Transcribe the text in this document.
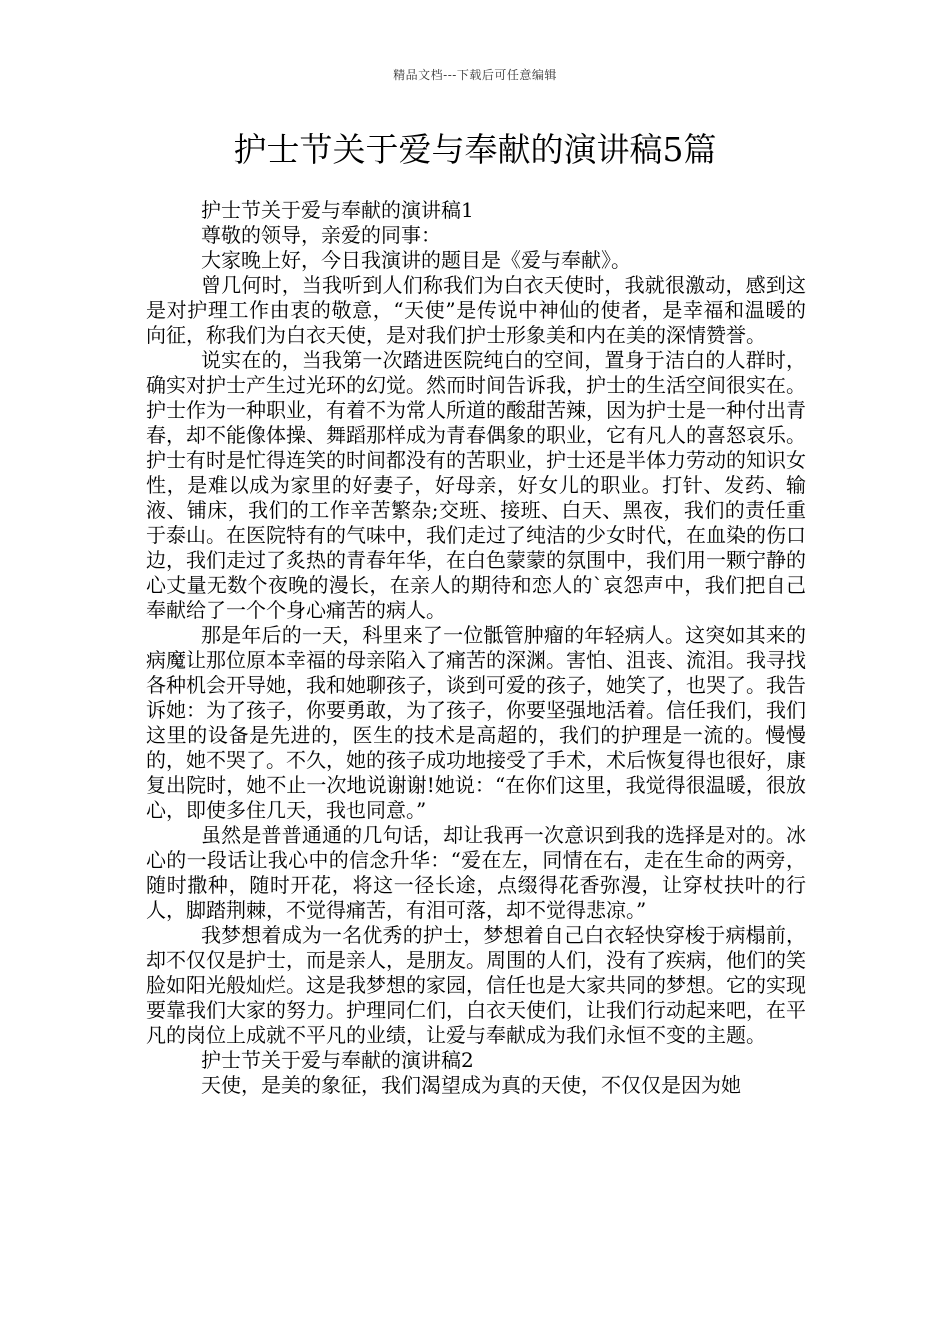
精品文档---下载后可任意编辑
护士节关于爱与奉献的演讲稿5篇

护士节关于爱与奉献的演讲稿1

尊敬的领导，亲爱的同事：

大家晚上好，今日我演讲的题目是《爱与奉献》。

曾几何时，当我听到人们称我们为白衣天使时，我就很激动，感到这是对护理工作由衷的敬意，“天使”是传说中神仙的使者，是幸福和温暖的向征，称我们为白衣天使，是对我们护士形象美和内在美的深情赞誉。

说实在的，当我第一次踏进医院纯白的空间，置身于洁白的人群时，确实对护士产生过光环的幻觉。然而时间告诉我，护士的生活空间很实在。护士作为一种职业，有着不为常人所道的酸甜苦辣，因为护士是一种付出青春，却不能像体操、舞蹈那样成为青春偶象的职业，它有凡人的喜怒哀乐。护士有时是忙得连笑的时间都没有的苦职业，护士还是半体力劳动的知识女性，是难以成为家里的好妻子，好母亲，好女儿的职业。打针、发药、输液、铺床，我们的工作辛苦繁杂;交班、接班、白天、黑夜，我们的责任重于泰山。在医院特有的气味中，我们走过了纯洁的少女时代，在血染的伤口边，我们走过了炙热的青春年华，在白色蒙蒙的氛围中，我们用一颗宁静的心丈量无数个夜晚的漫长，在亲人的期待和恋人的`哀怨声中，我们把自己奉献给了一个个身心痛苦的病人。

那是年后的一天，科里来了一位骶管肿瘤的年轻病人。这突如其来的病魔让那位原本幸福的母亲陷入了痛苦的深渊。害怕、沮丧、流泪。我寻找各种机会开导她，我和她聊孩子，谈到可爱的孩子，她笑了，也哭了。我告诉她：为了孩子，你要勇敢，为了孩子，你要坚强地活着。信任我们，我们这里的设备是先进的，医生的技术是高超的，我们的护理是一流的。慢慢的，她不哭了。不久，她的孩子成功地接受了手术，术后恢复得也很好，康复出院时，她不止一次地说谢谢!她说：“在你们这里，我觉得很温暖，很放心，即使多住几天，我也同意。”

虽然是普普通通的几句话，却让我再一次意识到我的选择是对的。冰心的一段话让我心中的信念升华：“爱在左，同情在右，走在生命的两旁，随时撒种，随时开花，将这一径长途，点缀得花香弥漫，让穿杖扶叶的行人，脚踏荆棘，不觉得痛苦，有泪可落，却不觉得悲凉。”

我梦想着成为一名优秀的护士，梦想着自己白衣轻快穿梭于病榻前，却不仅仅是护士，而是亲人，是朋友。周围的人们，没有了疾病，他们的笑脸如阳光般灿烂。这是我梦想的家园，信任也是大家共同的梦想。它的实现要靠我们大家的努力。护理同仁们，白衣天使们，让我们行动起来吧，在平凡的岗位上成就不平凡的业绩，让爱与奉献成为我们永恒不变的主题。

护士节关于爱与奉献的演讲稿2

天使，是美的象征，我们渴望成为真的天使，不仅仅是因为她
